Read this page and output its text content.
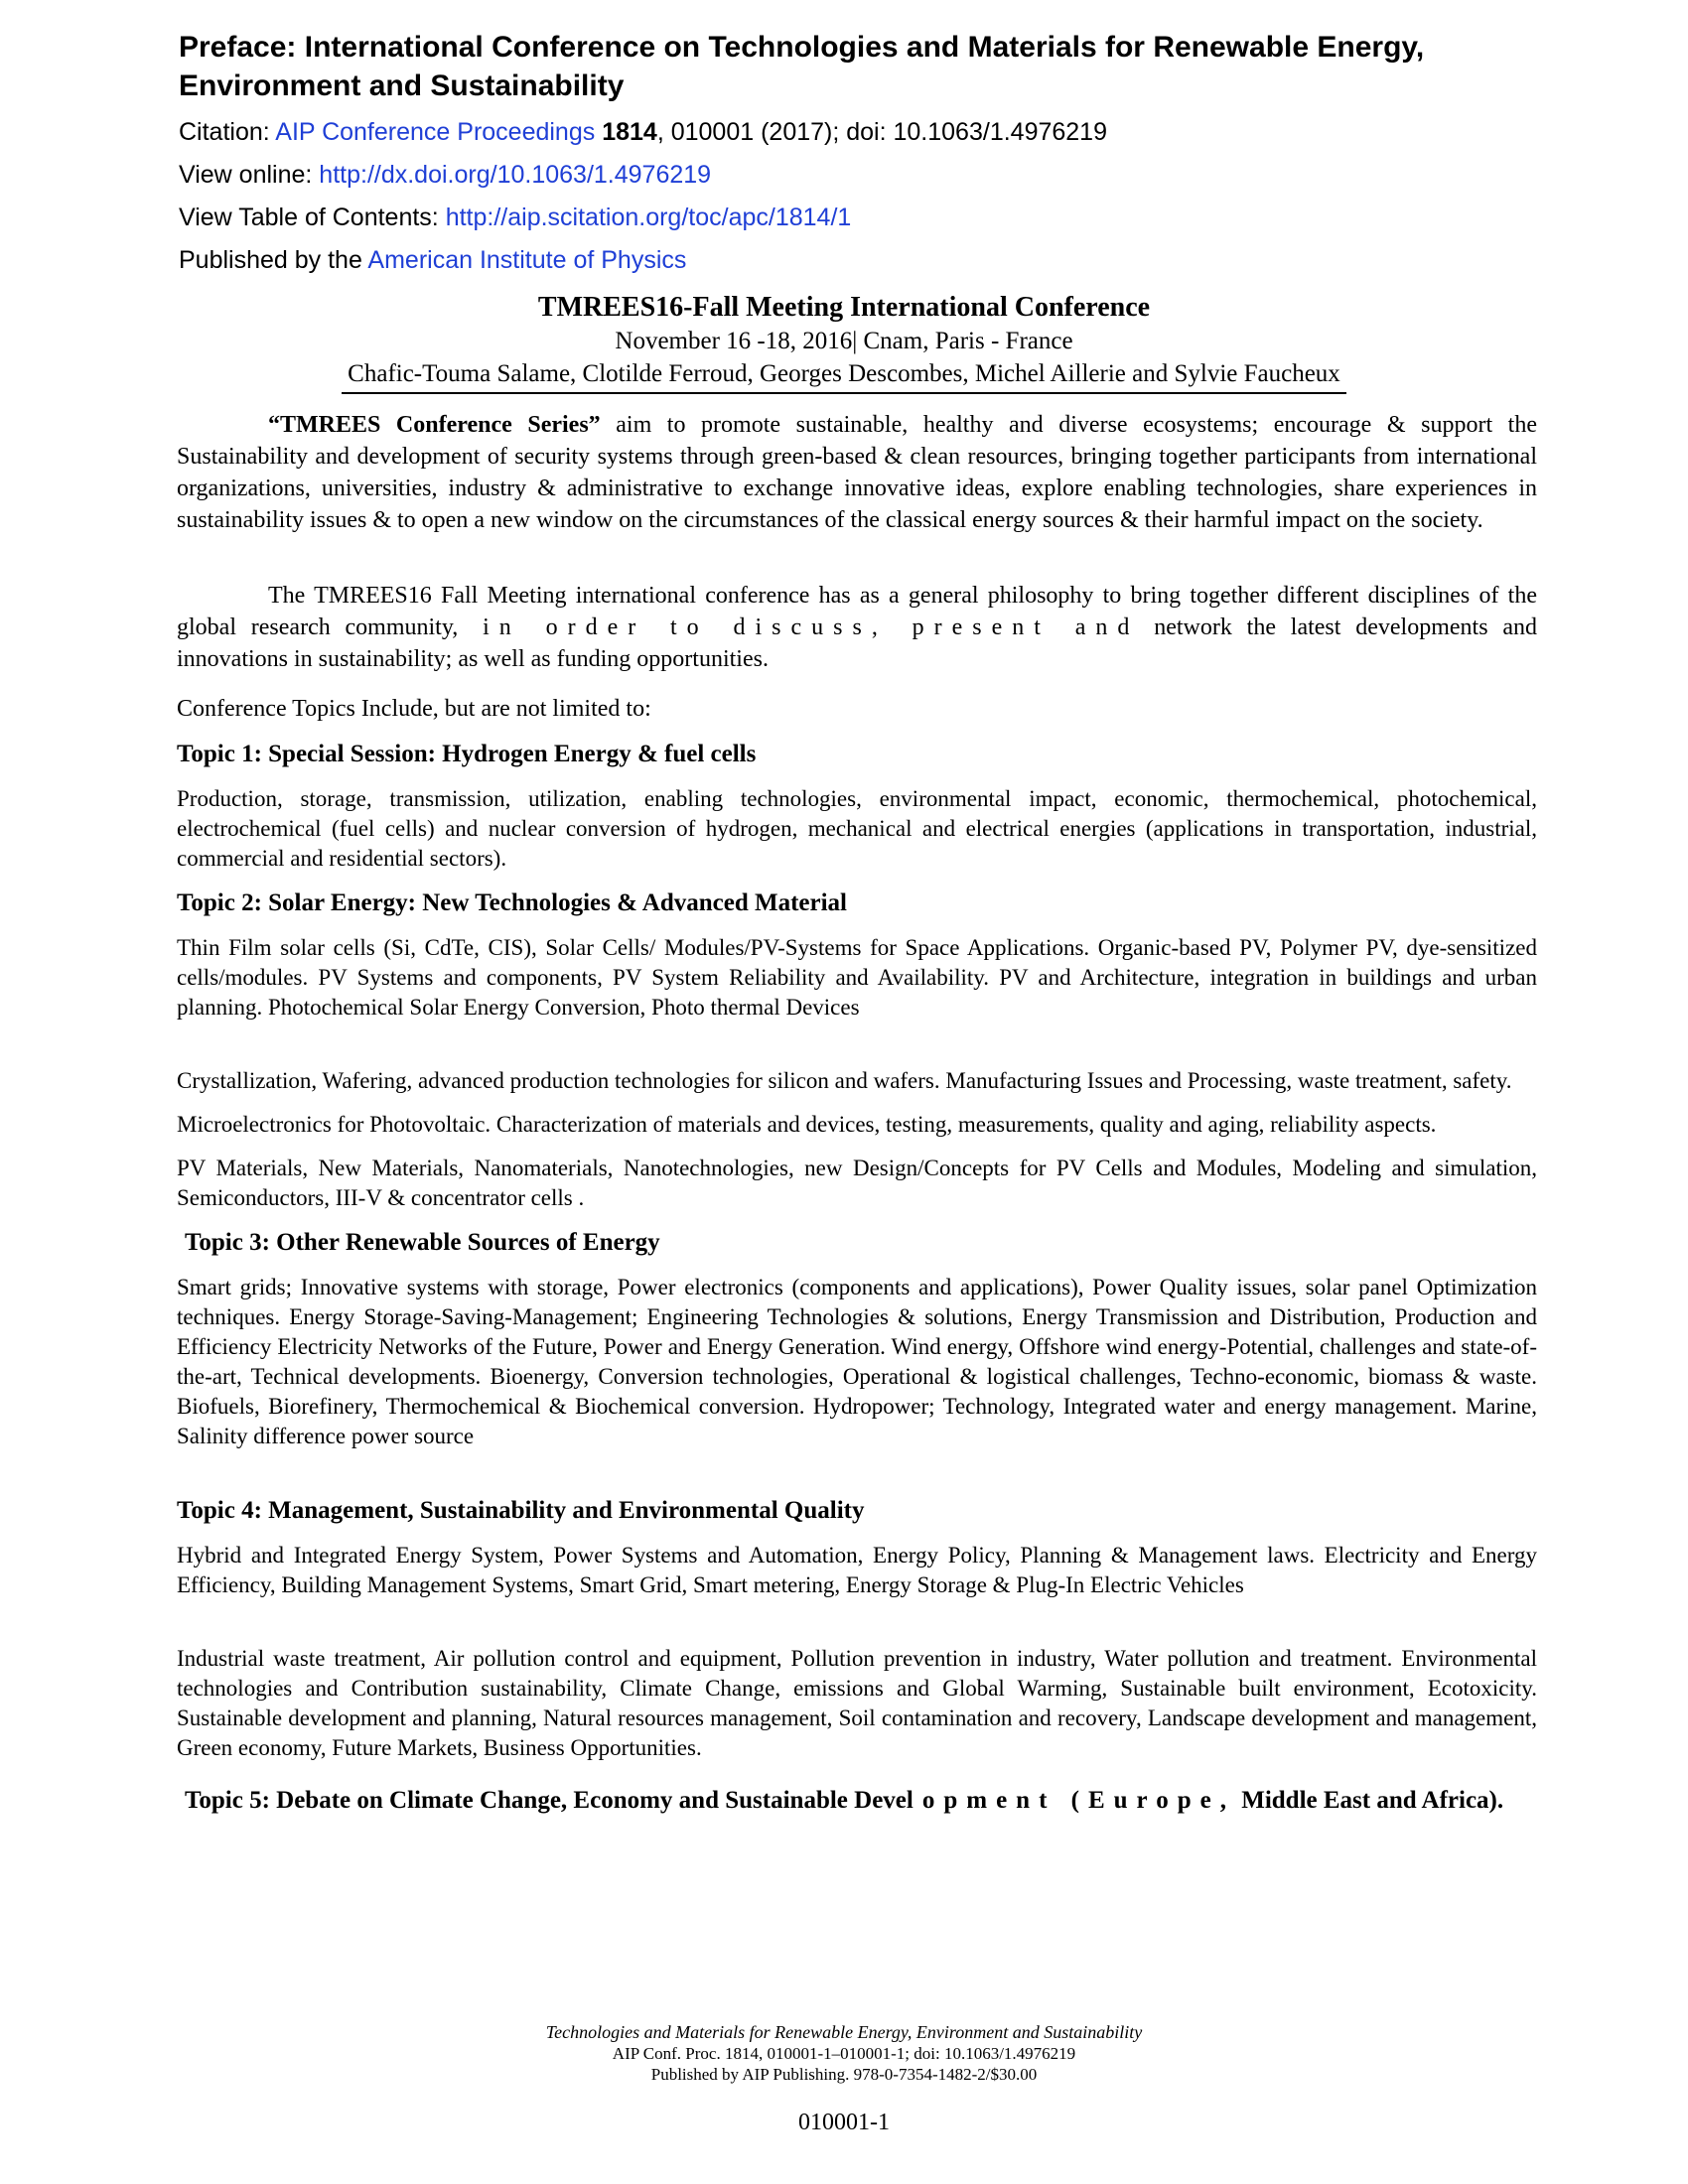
Preface: International Conference on Technologies and Materials for Renewable Energy, Environment and Sustainability
Citation: AIP Conference Proceedings 1814, 010001 (2017); doi: 10.1063/1.4976219
View online: http://dx.doi.org/10.1063/1.4976219
View Table of Contents: http://aip.scitation.org/toc/apc/1814/1
Published by the American Institute of Physics
TMREES16-Fall Meeting International Conference
November 16 -18, 2016| Cnam, Paris - France
Chafic-Touma Salame, Clotilde Ferroud, Georges Descombes, Michel Aillerie and Sylvie Faucheux

“TMREES Conference Series” aim to promote sustainable, healthy and diverse ecosystems; encourage & support the Sustainability and development of security systems through green-based & clean resources, bringing together participants from international organizations, universities, industry & administrative to exchange innovative ideas, explore enabling technologies, share experiences in sustainability issues & to open a new window on the circumstances of the classical energy sources & their harmful impact on the society.

The TMREES16 Fall Meeting international conference has as a general philosophy to bring together different disciplines of the global research community, in order to discuss, present and network the latest developments and innovations in sustainability; as well as funding opportunities.

Conference Topics Include, but are not limited to:

Topic 1: Special Session: Hydrogen Energy & fuel cells

Production, storage, transmission, utilization, enabling technologies, environmental impact, economic, thermochemical, photochemical, electrochemical (fuel cells) and nuclear conversion of hydrogen, mechanical and electrical energies (applications in transportation, industrial, commercial and residential sectors).

Topic 2: Solar Energy: New Technologies & Advanced Material

Thin Film solar cells (Si, CdTe, CIS), Solar Cells/ Modules/PV-Systems for Space Applications. Organic-based PV, Polymer PV, dye-sensitized cells/modules. PV Systems and components, PV System Reliability and Availability. PV and Architecture, integration in buildings and urban planning. Photochemical Solar Energy Conversion, Photo thermal Devices

Crystallization, Wafering, advanced production technologies for silicon and wafers. Manufacturing Issues and Processing, waste treatment, safety.

Microelectronics for Photovoltaic. Characterization of materials and devices, testing, measurements, quality and aging, reliability aspects.

PV Materials, New Materials, Nanomaterials, Nanotechnologies, new Design/Concepts for PV Cells and Modules, Modeling and simulation, Semiconductors, III-V & concentrator cells .

Topic 3: Other Renewable Sources of Energy

Smart grids; Innovative systems with storage, Power electronics (components and applications), Power Quality issues, solar panel Optimization techniques. Energy Storage-Saving-Management; Engineering Technologies & solutions, Energy Transmission and Distribution, Production and Efficiency Electricity Networks of the Future, Power and Energy Generation. Wind energy, Offshore wind energy-Potential, challenges and state-of-the-art, Technical developments. Bioenergy, Conversion technologies, Operational & logistical challenges, Techno-economic, biomass & waste. Biofuels, Biorefinery, Thermochemical & Biochemical conversion. Hydropower; Technology, Integrated water and energy management. Marine, Salinity difference power source

Topic 4: Management, Sustainability and Environmental Quality

Hybrid and Integrated Energy System, Power Systems and Automation, Energy Policy, Planning & Management laws. Electricity and Energy Efficiency, Building Management Systems, Smart Grid, Smart metering, Energy Storage & Plug-In Electric Vehicles

Industrial waste treatment, Air pollution control and equipment, Pollution prevention in industry, Water pollution and treatment. Environmental technologies and Contribution sustainability, Climate Change, emissions and Global Warming, Sustainable built environment, Ecotoxicity. Sustainable development and planning, Natural resources management, Soil contamination and recovery, Landscape development and management, Green economy, Future Markets, Business Opportunities.

Topic 5: Debate on Climate Change, Economy and Sustainable Development (Europe, Middle East and Africa).

Technologies and Materials for Renewable Energy, Environment and Sustainability
AIP Conf. Proc. 1814, 010001-1–010001-1; doi: 10.1063/1.4976219
Published by AIP Publishing. 978-0-7354-1482-2/$30.00
010001-1
